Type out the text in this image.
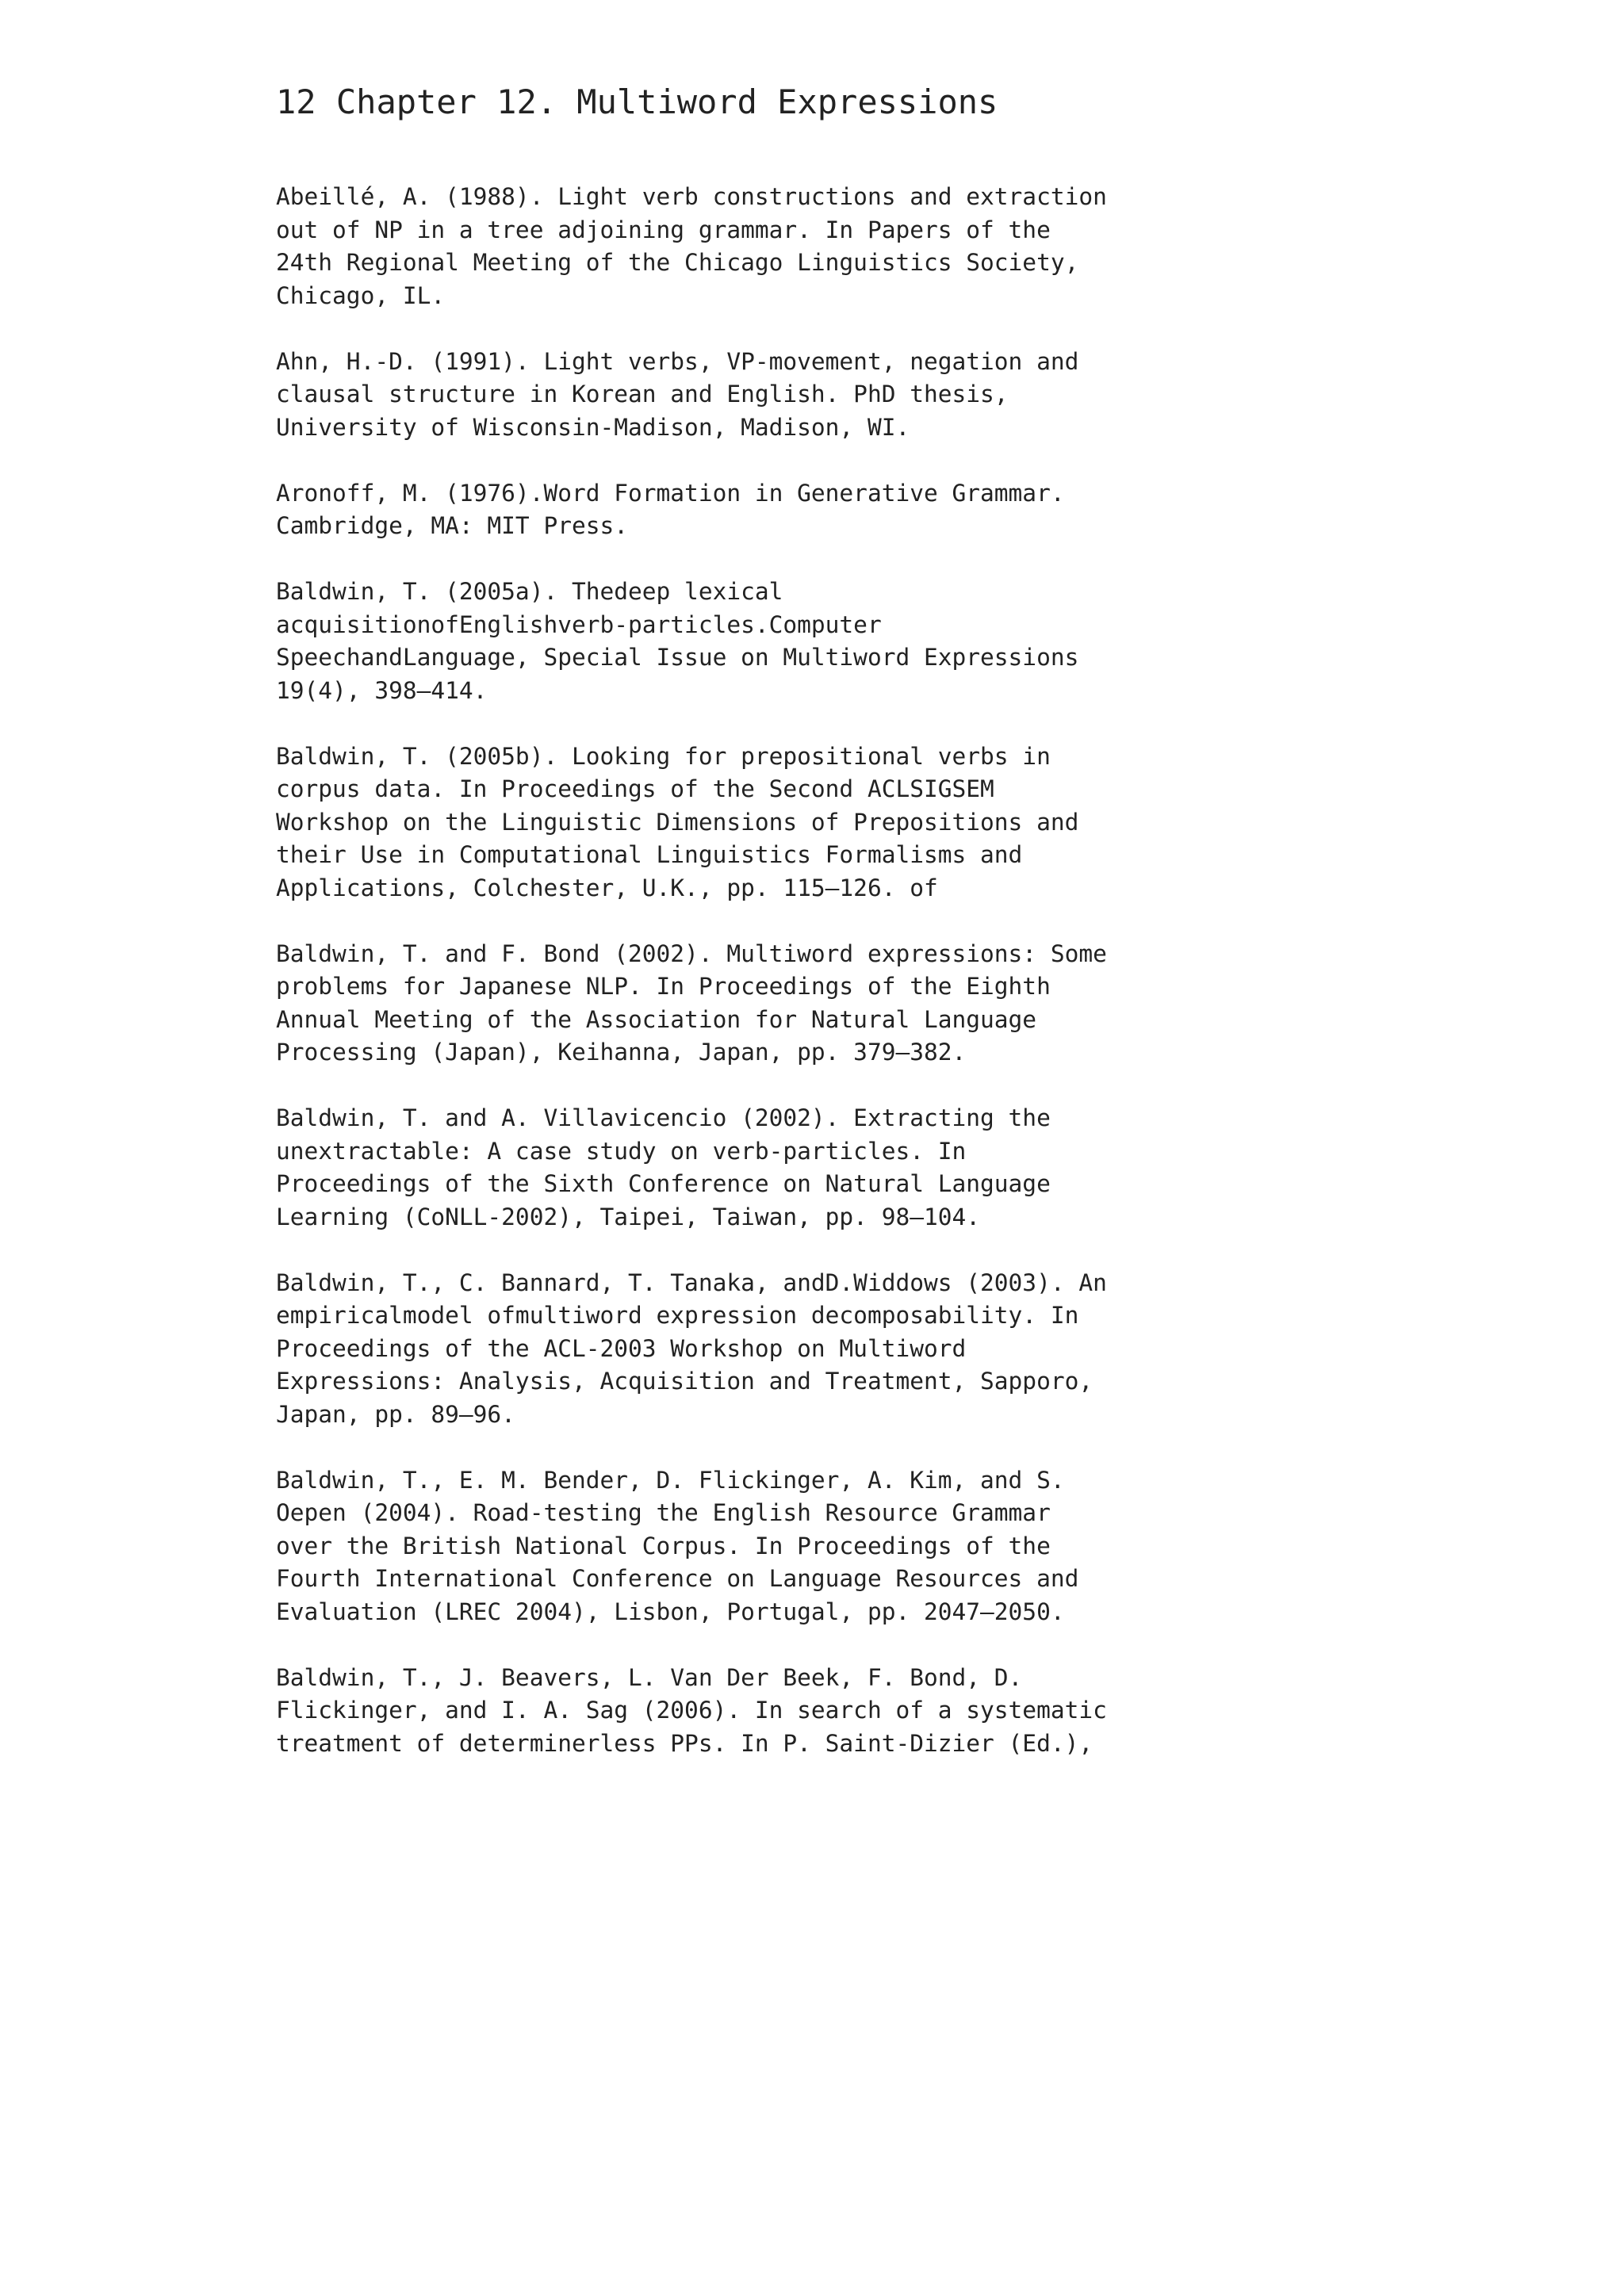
12 Chapter 12. Multiword Expressions
Abeillé, A. (1988). Light verb constructions and extraction
out of NP in a tree adjoining grammar. In Papers of the
24th Regional Meeting of the Chicago Linguistics Society,
Chicago, IL.
Ahn, H.-D. (1991). Light verbs, VP-movement, negation and
clausal structure in Korean and English. PhD thesis,
University of Wisconsin-Madison, Madison, WI.
Aronoff, M. (1976).Word Formation in Generative Grammar.
Cambridge, MA: MIT Press.
Baldwin, T. (2005a). Thedeep lexical
acquisitionofEnglishverb-particles.Computer
SpeechandLanguage, Special Issue on Multiword Expressions
19(4), 398–414.
Baldwin, T. (2005b). Looking for prepositional verbs in
corpus data. In Proceedings of the Second ACLSIGSEM
Workshop on the Linguistic Dimensions of Prepositions and
their Use in Computational Linguistics Formalisms and
Applications, Colchester, U.K., pp. 115–126. of
Baldwin, T. and F. Bond (2002). Multiword expressions: Some
problems for Japanese NLP. In Proceedings of the Eighth
Annual Meeting of the Association for Natural Language
Processing (Japan), Keihanna, Japan, pp. 379–382.
Baldwin, T. and A. Villavicencio (2002). Extracting the
unextractable: A case study on verb-particles. In
Proceedings of the Sixth Conference on Natural Language
Learning (CoNLL-2002), Taipei, Taiwan, pp. 98–104.
Baldwin, T., C. Bannard, T. Tanaka, andD.Widdows (2003). An
empiricalmodel ofmultiword expression decomposability. In
Proceedings of the ACL-2003 Workshop on Multiword
Expressions: Analysis, Acquisition and Treatment, Sapporo,
Japan, pp. 89–96.
Baldwin, T., E. M. Bender, D. Flickinger, A. Kim, and S.
Oepen (2004). Road-testing the English Resource Grammar
over the British National Corpus. In Proceedings of the
Fourth International Conference on Language Resources and
Evaluation (LREC 2004), Lisbon, Portugal, pp. 2047–2050.
Baldwin, T., J. Beavers, L. Van Der Beek, F. Bond, D.
Flickinger, and I. A. Sag (2006). In search of a systematic
treatment of determinerless PPs. In P. Saint-Dizier (Ed.),
